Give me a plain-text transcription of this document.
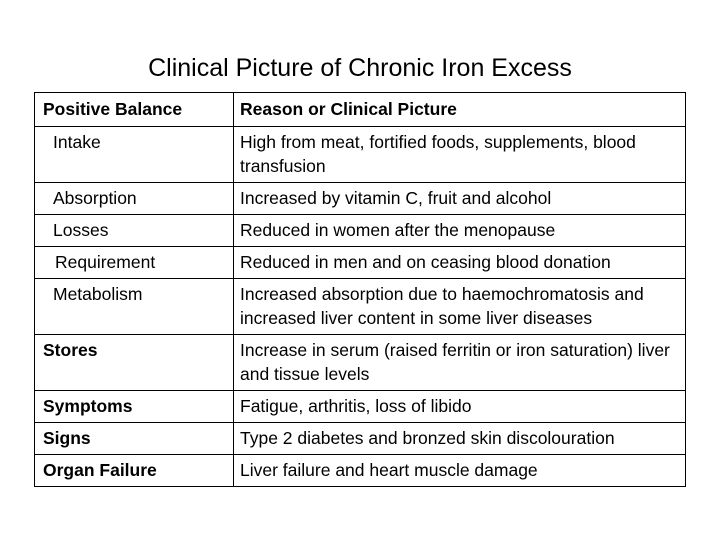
Clinical Picture of Chronic Iron Excess
Positive Balance	Reason or Clinical Picture
Intake	High from meat, fortified foods, supplements, blood transfusion
Absorption	Increased by vitamin C, fruit and alcohol
Losses	Reduced in women after the menopause
Requirement	Reduced in men and on ceasing blood donation
Metabolism	Increased absorption due to haemochromatosis and increased liver content in some liver diseases
Stores	Increase in serum (raised ferritin or iron saturation) liver and tissue levels
Symptoms	Fatigue, arthritis, loss of libido
Signs	Type 2 diabetes and bronzed skin discolouration
Organ Failure	Liver failure and heart muscle damage
